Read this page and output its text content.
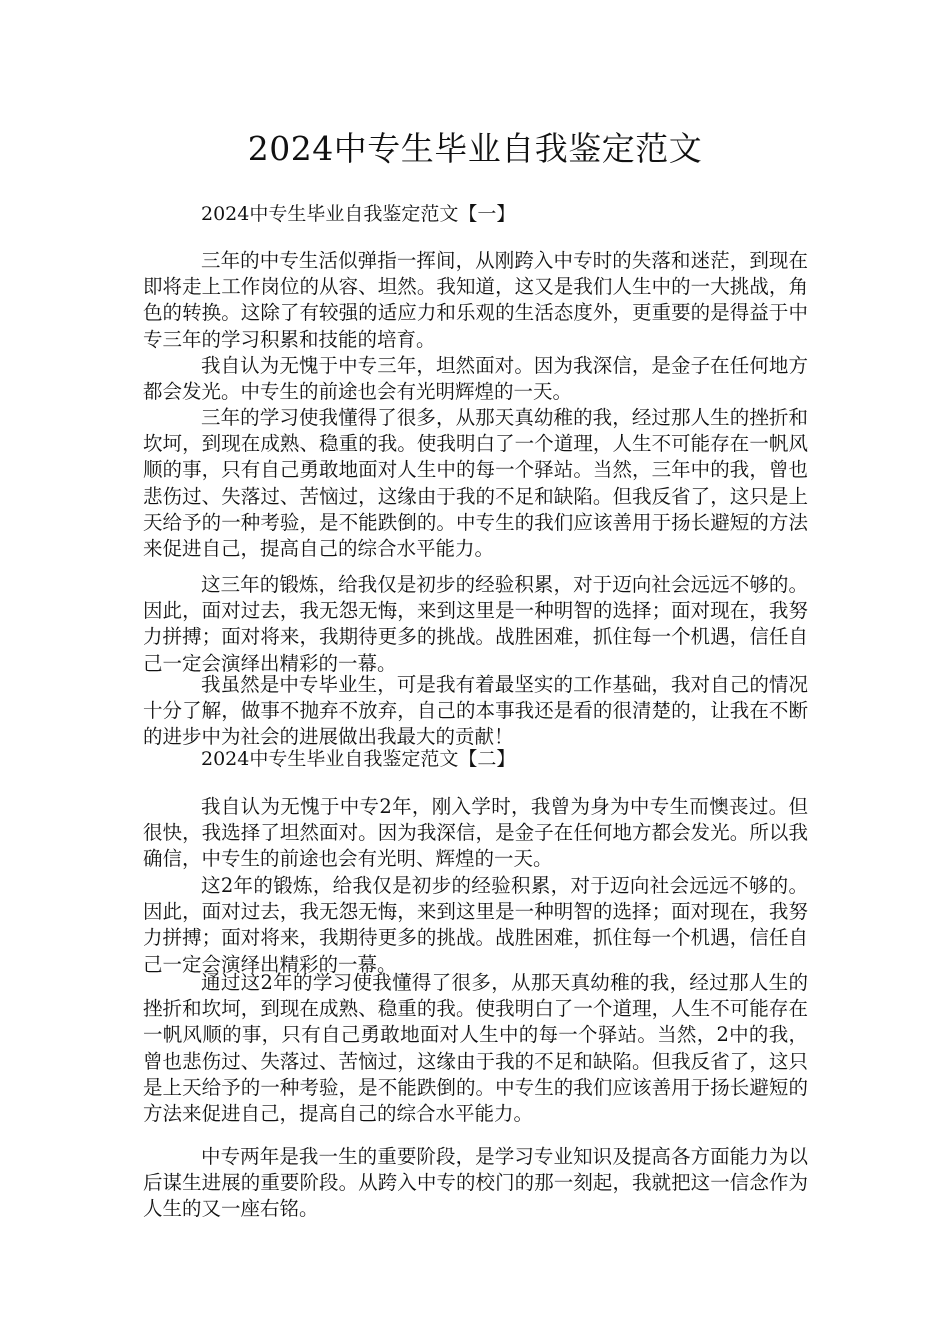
2024中专生毕业自我鉴定范文
2024中专生毕业自我鉴定范文【一】

三年的中专生活似弹指一挥间，从刚跨入中专时的失落和迷茫，到现在即将走上工作岗位的从容、坦然。我知道，这又是我们人生中的一大挑战，角色的转换。这除了有较强的适应力和乐观的生活态度外，更重要的是得益于中专三年的学习积累和技能的培育。

我自认为无愧于中专三年，坦然面对。因为我深信，是金子在任何地方都会发光。中专生的前途也会有光明辉煌的一天。

三年的学习使我懂得了很多，从那天真幼稚的我，经过那人生的挫折和坎坷，到现在成熟、稳重的我。使我明白了一个道理，人生不可能存在一帆风顺的事，只有自己勇敢地面对人生中的每一个驿站。当然，三年中的我，曾也悲伤过、失落过、苦恼过，这缘由于我的不足和缺陷。但我反省了，这只是上天给予的一种考验，是不能跌倒的。中专生的我们应该善用于扬长避短的方法来促进自己，提高自己的综合水平能力。

这三年的锻炼，给我仅是初步的经验积累，对于迈向社会远远不够的。因此，面对过去，我无怨无悔，来到这里是一种明智的选择；面对现在，我努力拼搏；面对将来，我期待更多的挑战。战胜困难，抓住每一个机遇，信任自己一定会演绎出精彩的一幕。

我虽然是中专毕业生，可是我有着最坚实的工作基础，我对自己的情况十分了解，做事不抛弃不放弃，自己的本事我还是看的很清楚的，让我在不断的进步中为社会的进展做出我最大的贡献！

2024中专生毕业自我鉴定范文【二】

我自认为无愧于中专2年，刚入学时，我曾为身为中专生而懊丧过。但很快，我选择了坦然面对。因为我深信，是金子在任何地方都会发光。所以我确信，中专生的前途也会有光明、辉煌的一天。

这2年的锻炼，给我仅是初步的经验积累，对于迈向社会远远不够的。因此，面对过去，我无怨无悔，来到这里是一种明智的选择；面对现在，我努力拼搏；面对将来，我期待更多的挑战。战胜困难，抓住每一个机遇，信任自己一定会演绎出精彩的一幕。

通过这2年的学习使我懂得了很多，从那天真幼稚的我，经过那人生的挫折和坎坷，到现在成熟、稳重的我。使我明白了一个道理，人生不可能存在一帆风顺的事，只有自己勇敢地面对人生中的每一个驿站。当然，2中的我，曾也悲伤过、失落过、苦恼过，这缘由于我的不足和缺陷。但我反省了，这只是上天给予的一种考验，是不能跌倒的。中专生的我们应该善用于扬长避短的方法来促进自己，提高自己的综合水平能力。

中专两年是我一生的重要阶段，是学习专业知识及提高各方面能力为以后谋生进展的重要阶段。从跨入中专的校门的那一刻起，我就把这一信念作为人生的又一座右铭。
